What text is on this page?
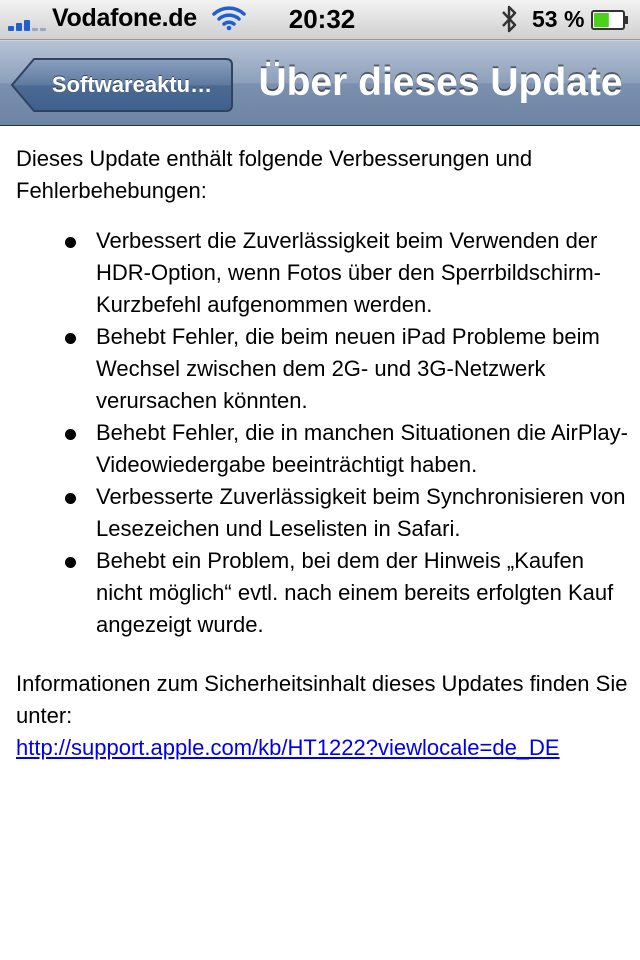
Vodafone.de	20:32	53 %
Softwareaktu…	Über dieses Update

Dieses Update enthält folgende Verbesserungen und Fehlerbehebungen:

Verbessert die Zuverlässigkeit beim Verwenden der HDR-Option, wenn Fotos über den Sperrbildschirm-Kurzbefehl aufgenommen werden.
Behebt Fehler, die beim neuen iPad Probleme beim Wechsel zwischen dem 2G- und 3G-Netzwerk verursachen könnten.
Behebt Fehler, die in manchen Situationen die AirPlay-Videowiedergabe beeinträchtigt haben.
Verbesserte Zuverlässigkeit beim Synchronisieren von Lesezeichen und Leselisten in Safari.
Behebt ein Problem, bei dem der Hinweis „Kaufen nicht möglich“ evtl. nach einem bereits erfolgten Kauf angezeigt wurde.

Informationen zum Sicherheitsinhalt dieses Updates finden Sie unter:

http://support.apple.com/kb/HT1222?viewlocale=de_DE
